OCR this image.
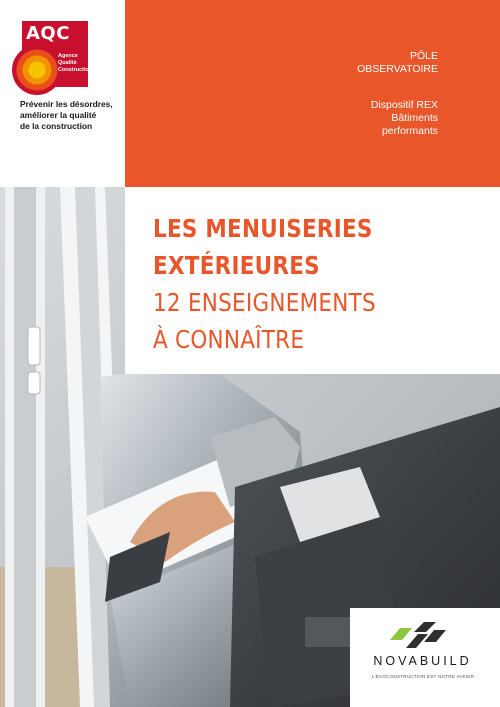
AQC
Agence
Qualité
Construction
Prévenir les désordres,
améliorer la qualité
de la construction
PÔLE
OBSERVATOIRE
Dispositif REX
Bâtiments
performants
LES MENUISERIES
EXTÉRIEURES
12 ENSEIGNEMENTS
À CONNAÎTRE
NOVABUILD
L'ÉCOCONSTRUCTION EST NOTRE AVENIR
